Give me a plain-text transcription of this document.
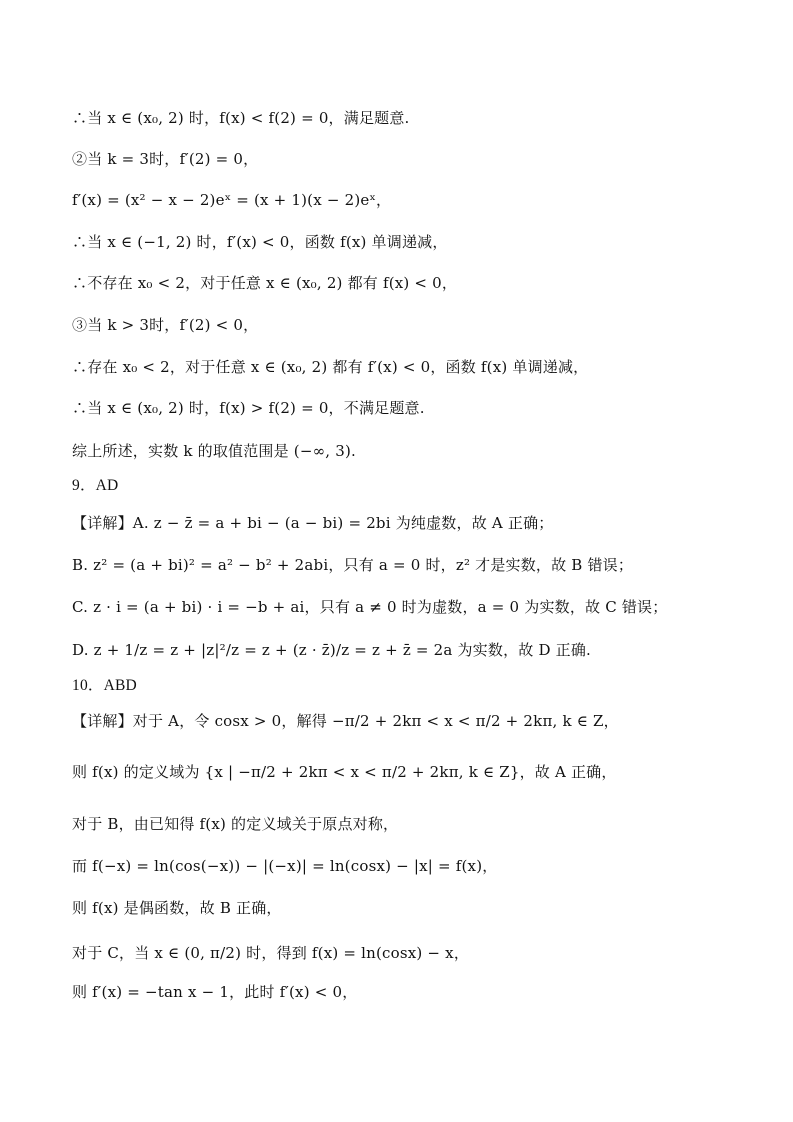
∴当 x ∈ (x₀, 2) 时，f(x) < f(2) = 0，满足题意.
②当 k = 3时，f′(2) = 0，
f′(x) = (x² − x − 2)eˣ = (x + 1)(x − 2)eˣ，
∴当 x ∈ (−1, 2) 时，f′(x) < 0，函数 f(x) 单调递减，
∴不存在 x₀ < 2，对于任意 x ∈ (x₀, 2) 都有 f(x) < 0，
③当 k > 3时，f′(2) < 0，
∴存在 x₀ < 2，对于任意 x ∈ (x₀, 2) 都有 f′(x) < 0，函数 f(x) 单调递减，
∴当 x ∈ (x₀, 2) 时，f(x) > f(2) = 0，不满足题意.
综上所述，实数 k 的取值范围是 (−∞, 3).
9．AD
【详解】A. z − z̄ = a + bi − (a − bi) = 2bi 为纯虚数，故 A 正确；
B. z² = (a + bi)² = a² − b² + 2abi，只有 a = 0 时，z² 才是实数，故 B 错误；
C. z · i = (a + bi) · i = −b + ai，只有 a ≠ 0 时为虚数，a = 0 为实数，故 C 错误；
D. z + 1/z = z + |z|²/z = z + (z · z̄)/z = z + z̄ = 2a 为实数，故 D 正确.
10．ABD
【详解】对于 A，令 cosx > 0，解得 −π/2 + 2kπ < x < π/2 + 2kπ, k ∈ Z，
则 f(x) 的定义域为 {x | −π/2 + 2kπ < x < π/2 + 2kπ, k ∈ Z}，故 A 正确，
对于 B，由已知得 f(x) 的定义域关于原点对称，
而 f(−x) = ln(cos(−x)) − |(−x)| = ln(cosx) − |x| = f(x)，
则 f(x) 是偶函数，故 B 正确，
对于 C，当 x ∈ (0, π/2) 时，得到 f(x) = ln(cosx) − x，
则 f′(x) = −tan x − 1，此时 f′(x) < 0，
